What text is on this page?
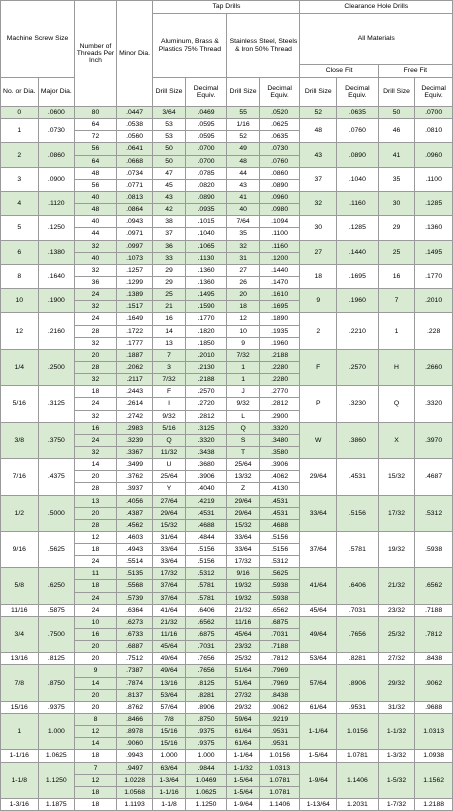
Machine Screw Size		Number of Threads Per Inch	Minor Dia.	Tap Drills				Clearance Hole Drills			
				Aluminum, Brass & Plastics 75% Thread		Stainless Steel, Steels & Iron 50% Thread		All Materials			
								Close Fit		Free Fit	
No. or Dia.	Major Dia.			Drill Size	Decimal Equiv.	Drill Size	Decimal Equiv.	Drill Size	Decimal Equiv.	Drill Size	Decimal Equiv.
0	.0600	80	.0447	3/64	.0469	55	.0520	52	.0635	50	.0700
1	.0730	64	.0538	53	.0595	1/16	.0625	48	.0760	46	.0810
		72	.0560	53	.0595	52	.0635				
2	.0860	56	.0641	50	.0700	49	.0730	43	.0890	41	.0960
		64	.0668	50	.0700	48	.0760				
3	.0900	48	.0734	47	.0785	44	.0860	37	.1040	35	.1100
		56	.0771	45	.0820	43	.0890				
4	.1120	40	.0813	43	.0890	41	.0960	32	.1160	30	.1285
		48	.0864	42	.0935	40	.0980				
5	.1250	40	.0943	38	.1015	7/64	.1094	30	.1285	29	.1360
		44	.0971	37	.1040	35	.1100				
6	.1380	32	.0997	36	.1065	32	.1160	27	.1440	25	.1495
		40	.1073	33	.1130	31	.1200				
8	.1640	32	.1257	29	.1360	27	.1440	18	.1695	16	.1770
		36	.1299	29	.1360	26	.1470				
10	.1900	24	.1389	25	.1495	20	.1610	9	.1960	7	.2010
		32	.1517	21	.1590	18	.1695				
12	.2160	24	.1649	16	.1770	12	.1890	2	.2210	1	.228
		28	.1722	14	.1820	10	.1935				
		32	.1777	13	.1850	9	.1960				
1/4	.2500	20	.1887	7	.2010	7/32	.2188	F	.2570	H	.2660
		28	.2062	3	.2130	1	.2280				
		32	.2117	7/32	.2188	1	.2280				
5/16	.3125	18	.2443	F	.2570	J	.2770	P	.3230	Q	.3320
		24	.2614	I	.2720	9/32	.2812				
		32	.2742	9/32	.2812	L	.2900				
3/8	.3750	16	.2983	5/16	.3125	Q	.3320	W	.3860	X	.3970
		24	.3239	Q	.3320	S	.3480				
		32	.3367	11/32	.3438	T	.3580				
7/16	.4375	14	.3499	U	.3680	25/64	.3906	29/64	.4531	15/32	.4687
		20	.3762	25/64	.3906	13/32	.4062				
		28	.3937	Y	.4040	Z	.4130				
1/2	.5000	13	.4056	27/64	.4219	29/64	.4531	33/64	.5156	17/32	.5312
		20	.4387	29/64	.4531	29/64	.4531				
		28	.4562	15/32	.4688	15/32	.4688				
9/16	.5625	12	.4603	31/64	.4844	33/64	.5156	37/64	.5781	19/32	.5938
		18	.4943	33/64	.5156	33/64	.5156				
		24	.5514	33/64	.5156	17/32	.5312				
5/8	.6250	11	.5135	17/32	.5312	9/16	.5625	41/64	.6406	21/32	.6562
		18	.5568	37/64	.5781	19/32	.5938				
		24	.5739	37/64	.5781	19/32	.5938				
11/16	.5875	24	.6364	41/64	.6406	21/32	.6562	45/64	.7031	23/32	.7188
3/4	.7500	10	.6273	21/32	.6562	11/16	.6875	49/64	.7656	25/32	.7812
		16	.6733	11/16	.6875	45/64	.7031				
		20	.6887	45/64	.7031	23/32	.7188				
13/16	.8125	20	.7512	49/64	.7656	25/32	.7812	53/64	.8281	27/32	.8438
7/8	.8750	9	.7387	49/64	.7656	51/64	.7969	57/64	.8906	29/32	.9062
		14	.7874	13/16	.8125	51/64	.7969				
		20	.8137	53/64	.8281	27/32	.8438				
15/16	.9375	20	.8762	57/64	.8906	29/32	.9062	61/64	.9531	31/32	.9688
1	1.000	8	.8466	7/8	.8750	59/64	.9219	1-1/64	1.0156	1-1/32	1.0313
		12	.8978	15/16	.9375	61/64	.9531				
		14	.9060	15/16	.9375	61/64	.9531				
1-1/16	1.0625	18	.9943	1.000	1.000	1-1/64	1.0156	1-5/64	1.0781	1-3/32	1.0938
1-1/8	1.1250	7	.9497	63/64	.9844	1-1/32	1.0313	1-9/64	1.1406	1-5/32	1.1562
		12	1.0228	1-3/64	1.0469	1-5/64	1.0781				
		18	1.0568	1-1/16	1.0625	1-5/64	1.0781				
1-3/16	1.1875	18	1.1193	1-1/8	1.1250	1-9/64	1.1406	1-13/64	1.2031	1-7/32	1.2188
